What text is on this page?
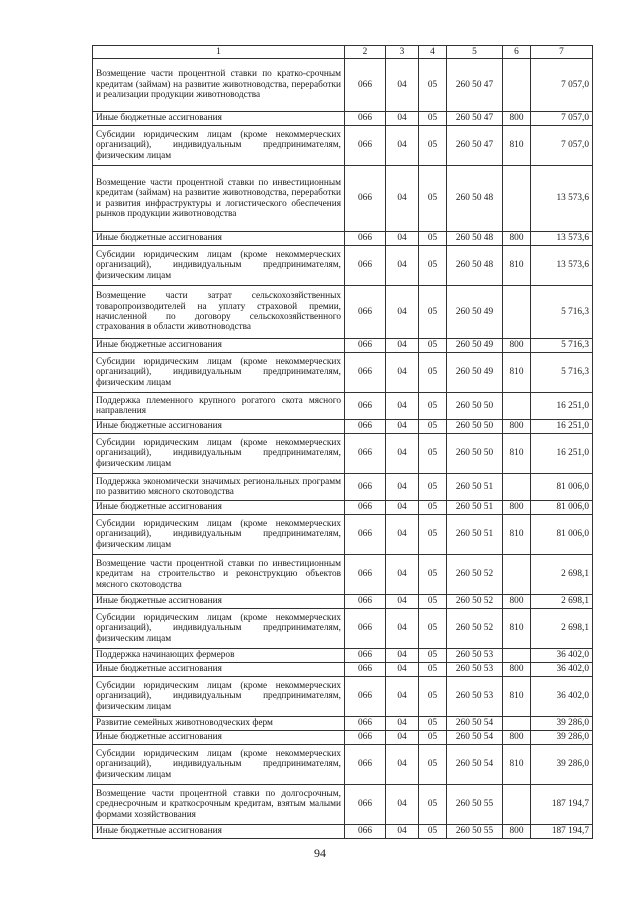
1	2	3	4	5	6	7
Возмещение части процентной ставки по кратко-срочным кредитам (займам) на развитие животноводства, переработки и реализации продукции животноводства	066	04	05	260 50 47		7 057,0
Иные бюджетные ассигнования	066	04	05	260 50 47	800	7 057,0
Субсидии юридическим лицам (кроме некоммерческих организаций), индивидуальным предпринимателям, физическим лицам	066	04	05	260 50 47	810	7 057,0
Возмещение части процентной ставки по инвестиционным кредитам (займам) на развитие животноводства, переработки и развития инфраструктуры и логистического обеспечения рынков продукции животноводства	066	04	05	260 50 48		13 573,6
Иные бюджетные ассигнования	066	04	05	260 50 48	800	13 573,6
Субсидии юридическим лицам (кроме некоммерческих организаций), индивидуальным предпринимателям, физическим лицам	066	04	05	260 50 48	810	13 573,6
Возмещение части затрат сельскохозяйственных товаропроизводителей на уплату страховой премии, начисленной по договору сельскохозяйственного страхования в области животноводства	066	04	05	260 50 49		5 716,3
Иные бюджетные ассигнования	066	04	05	260 50 49	800	5 716,3
Субсидии юридическим лицам (кроме некоммерческих организаций), индивидуальным предпринимателям, физическим лицам	066	04	05	260 50 49	810	5 716,3
Поддержка племенного крупного рогатого скота мясного направления	066	04	05	260 50 50		16 251,0
Иные бюджетные ассигнования	066	04	05	260 50 50	800	16 251,0
Субсидии юридическим лицам (кроме некоммерческих организаций), индивидуальным предпринимателям, физическим лицам	066	04	05	260 50 50	810	16 251,0
Поддержка экономически значимых региональных программ по развитию мясного скотоводства	066	04	05	260 50 51		81 006,0
Иные бюджетные ассигнования	066	04	05	260 50 51	800	81 006,0
Субсидии юридическим лицам (кроме некоммерческих организаций), индивидуальным предпринимателям, физическим лицам	066	04	05	260 50 51	810	81 006,0
Возмещение части процентной ставки по инвестиционным кредитам на строительство и реконструкцию объектов мясного скотоводства	066	04	05	260 50 52		2 698,1
Иные бюджетные ассигнования	066	04	05	260 50 52	800	2 698,1
Субсидии юридическим лицам (кроме некоммерческих организаций), индивидуальным предпринимателям, физическим лицам	066	04	05	260 50 52	810	2 698,1
Поддержка начинающих фермеров	066	04	05	260 50 53		36 402,0
Иные бюджетные ассигнования	066	04	05	260 50 53	800	36 402,0
Субсидии юридическим лицам (кроме некоммерческих организаций), индивидуальным предпринимателям, физическим лицам	066	04	05	260 50 53	810	36 402,0
Развитие семейных животноводческих ферм	066	04	05	260 50 54		39 286,0
Иные бюджетные ассигнования	066	04	05	260 50 54	800	39 286,0
Субсидии юридическим лицам (кроме некоммерческих организаций), индивидуальным предпринимателям, физическим лицам	066	04	05	260 50 54	810	39 286,0
Возмещение части процентной ставки по долгосрочным, среднесрочным и краткосрочным кредитам, взятым малыми формами хозяйствования	066	04	05	260 50 55		187 194,7
Иные бюджетные ассигнования	066	04	05	260 50 55	800	187 194,7
94
